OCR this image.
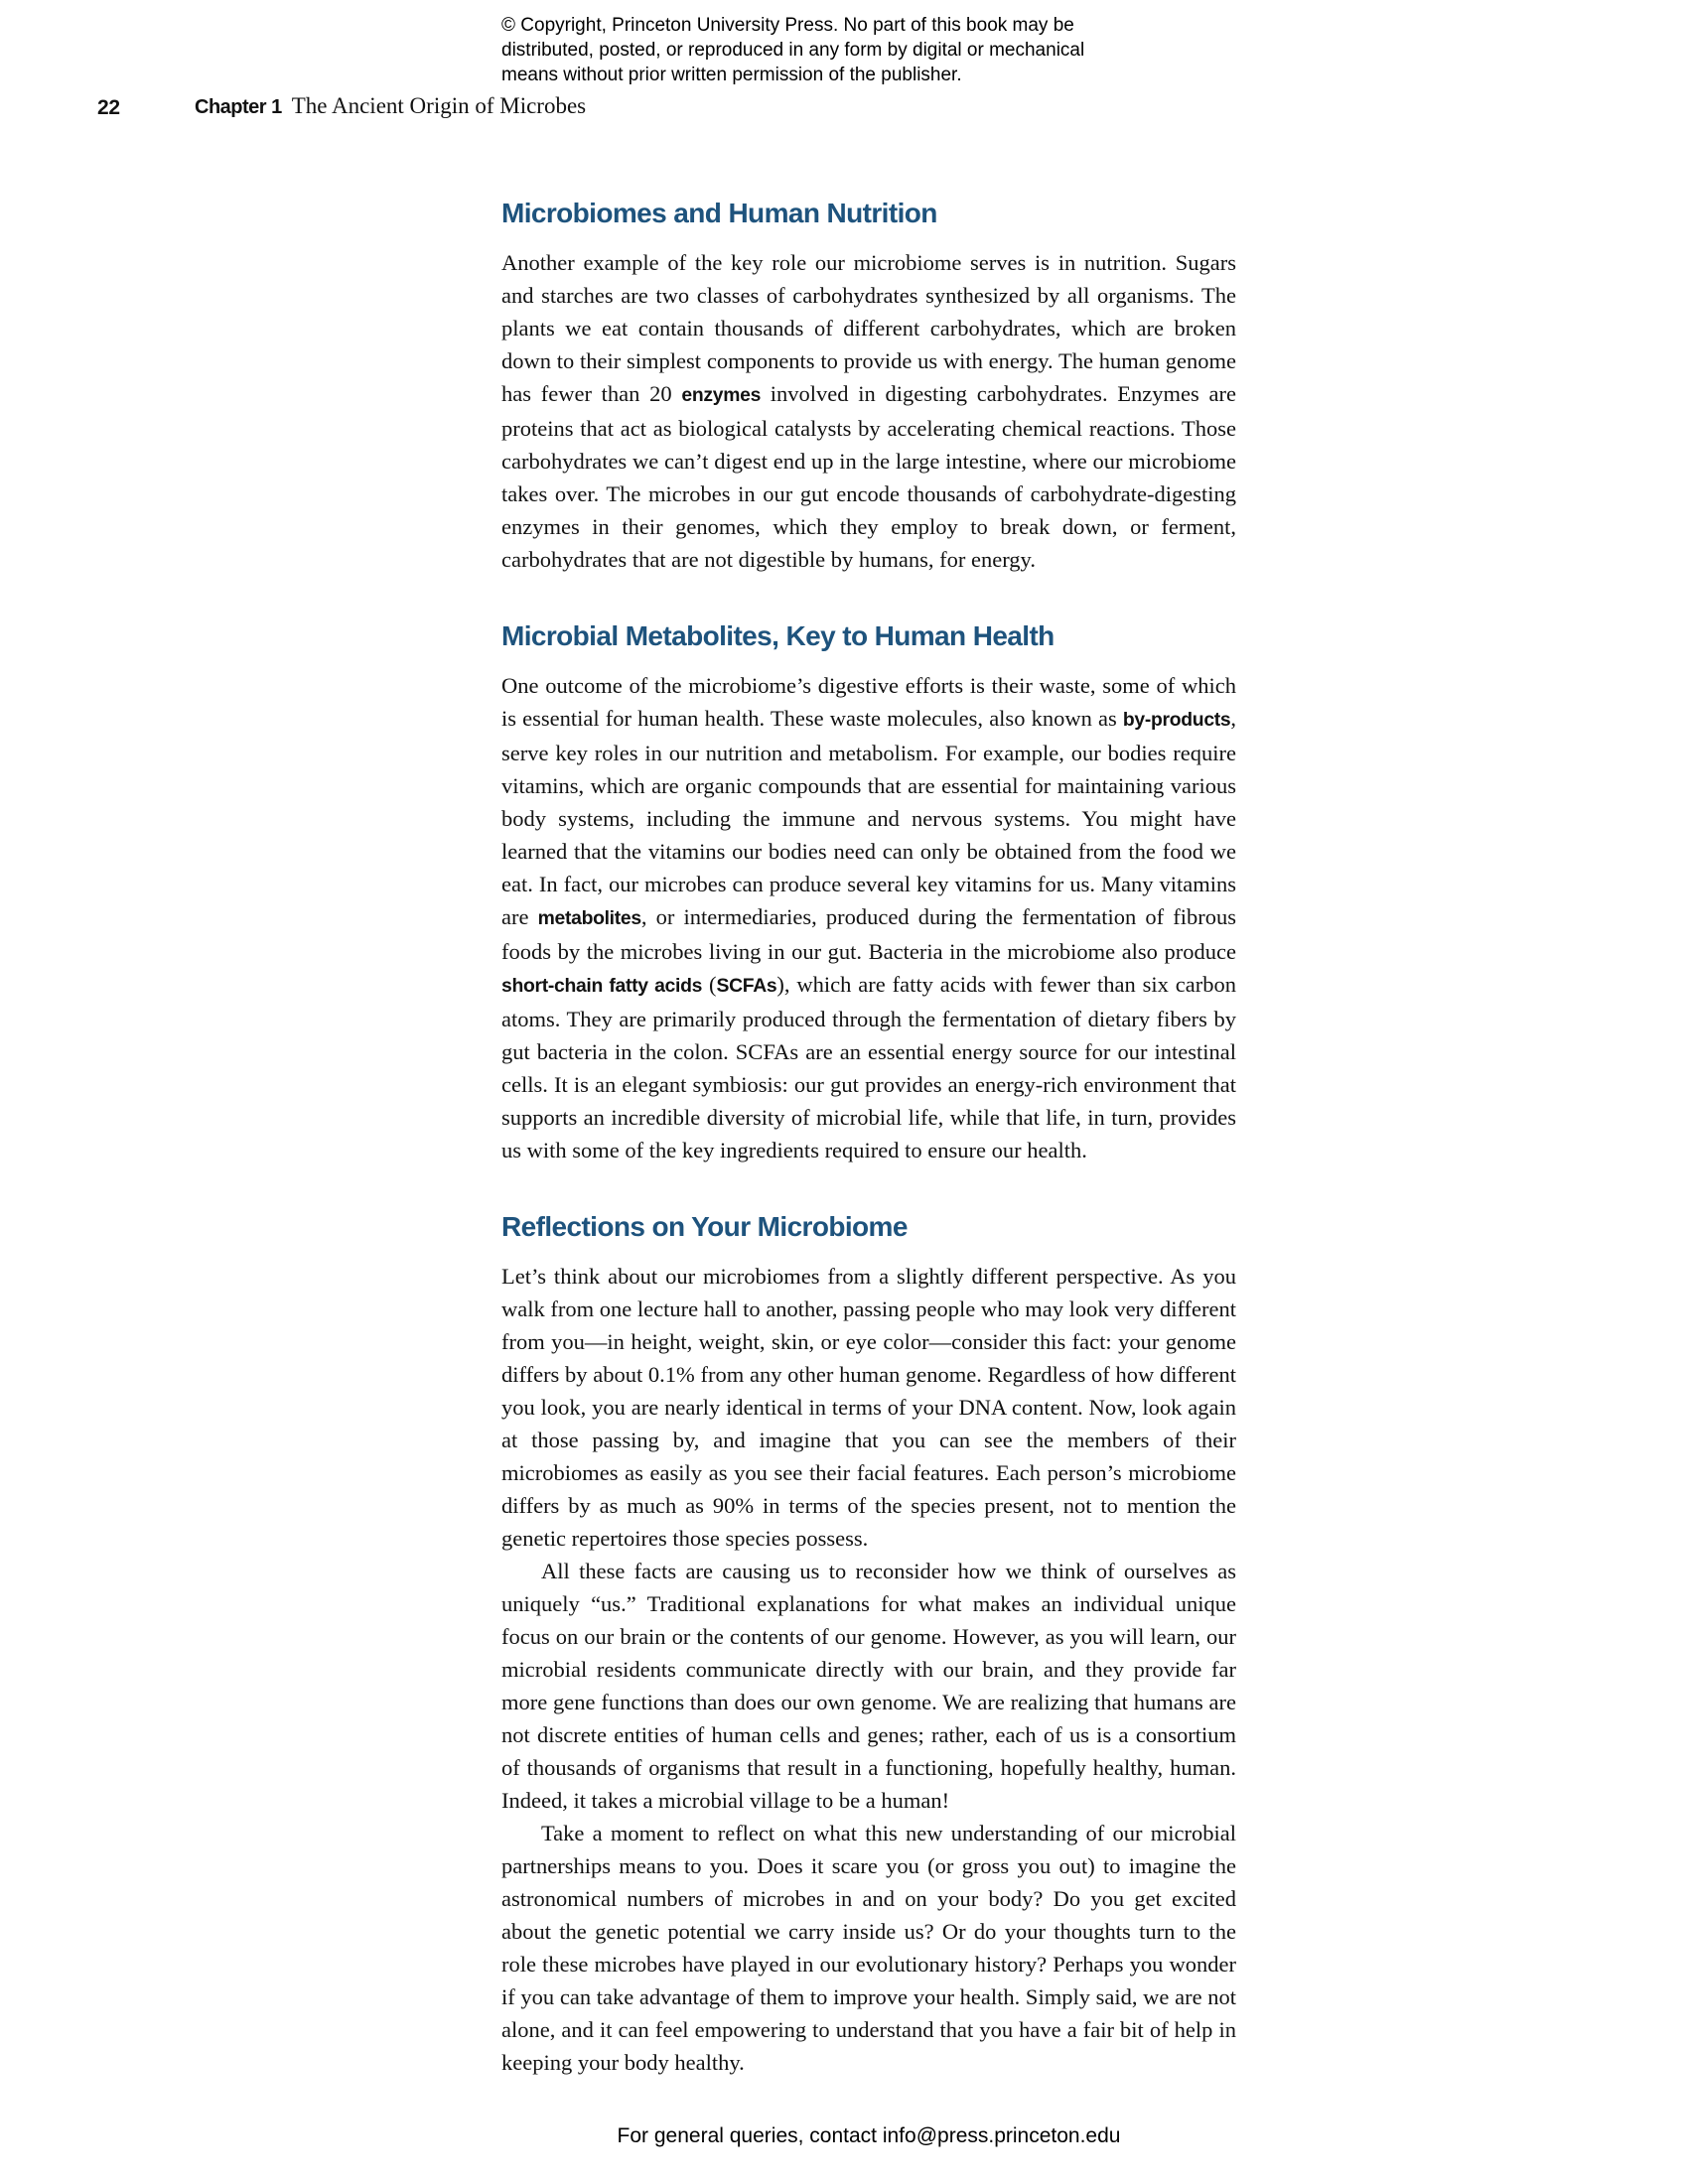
© Copyright, Princeton University Press. No part of this book may be
distributed, posted, or reproduced in any form by digital or mechanical
means without prior written permission of the publisher.
22	Chapter 1 The Ancient Origin of Microbes
Microbiomes and Human Nutrition

Another example of the key role our microbiome serves is in nutrition. Sugars and starches are two classes of carbohydrates synthesized by all organisms. The plants we eat contain thousands of different carbohydrates, which are broken down to their simplest components to provide us with energy. The human genome has fewer than 20 enzymes involved in digesting carbohydrates. Enzymes are proteins that act as biological catalysts by accelerating chemical reactions. Those carbohydrates we can’t digest end up in the large intestine, where our microbiome takes over. The microbes in our gut encode thousands of carbohydrate-digesting enzymes in their genomes, which they employ to break down, or ferment, carbohydrates that are not digestible by humans, for energy.

Microbial Metabolites, Key to Human Health

One outcome of the microbiome’s digestive efforts is their waste, some of which is essential for human health. These waste molecules, also known as by-products, serve key roles in our nutrition and metabolism. For example, our bodies require vitamins, which are organic compounds that are essential for maintaining various body systems, including the immune and nervous systems. You might have learned that the vitamins our bodies need can only be obtained from the food we eat. In fact, our microbes can produce several key vitamins for us. Many vitamins are metabolites, or intermediaries, produced during the fermentation of fibrous foods by the microbes living in our gut. Bacteria in the microbiome also produce short-chain fatty acids (SCFAs), which are fatty acids with fewer than six carbon atoms. They are primarily produced through the fermentation of dietary fibers by gut bacteria in the colon. SCFAs are an essential energy source for our intestinal cells. It is an elegant symbiosis: our gut provides an energy-rich environment that supports an incredible diversity of microbial life, while that life, in turn, provides us with some of the key ingredients required to ensure our health.

Reflections on Your Microbiome

Let’s think about our microbiomes from a slightly different perspective. As you walk from one lecture hall to another, passing people who may look very different from you—in height, weight, skin, or eye color—consider this fact: your genome differs by about 0.1% from any other human genome. Regardless of how different you look, you are nearly identical in terms of your DNA content. Now, look again at those passing by, and imagine that you can see the members of their microbiomes as easily as you see their facial features. Each person’s microbiome differs by as much as 90% in terms of the species present, not to mention the genetic repertoires those species possess.

All these facts are causing us to reconsider how we think of ourselves as uniquely “us.” Traditional explanations for what makes an individual unique focus on our brain or the contents of our genome. However, as you will learn, our microbial residents communicate directly with our brain, and they provide far more gene functions than does our own genome. We are realizing that humans are not discrete entities of human cells and genes; rather, each of us is a consortium of thousands of organisms that result in a functioning, hopefully healthy, human. Indeed, it takes a microbial village to be a human!

Take a moment to reflect on what this new understanding of our microbial partnerships means to you. Does it scare you (or gross you out) to imagine the astronomical numbers of microbes in and on your body? Do you get excited about the genetic potential we carry inside us? Or do your thoughts turn to the role these microbes have played in our evolutionary history? Perhaps you wonder if you can take advantage of them to improve your health. Simply said, we are not alone, and it can feel empowering to understand that you have a fair bit of help in keeping your body healthy.

For general queries, contact info@press.princeton.edu
